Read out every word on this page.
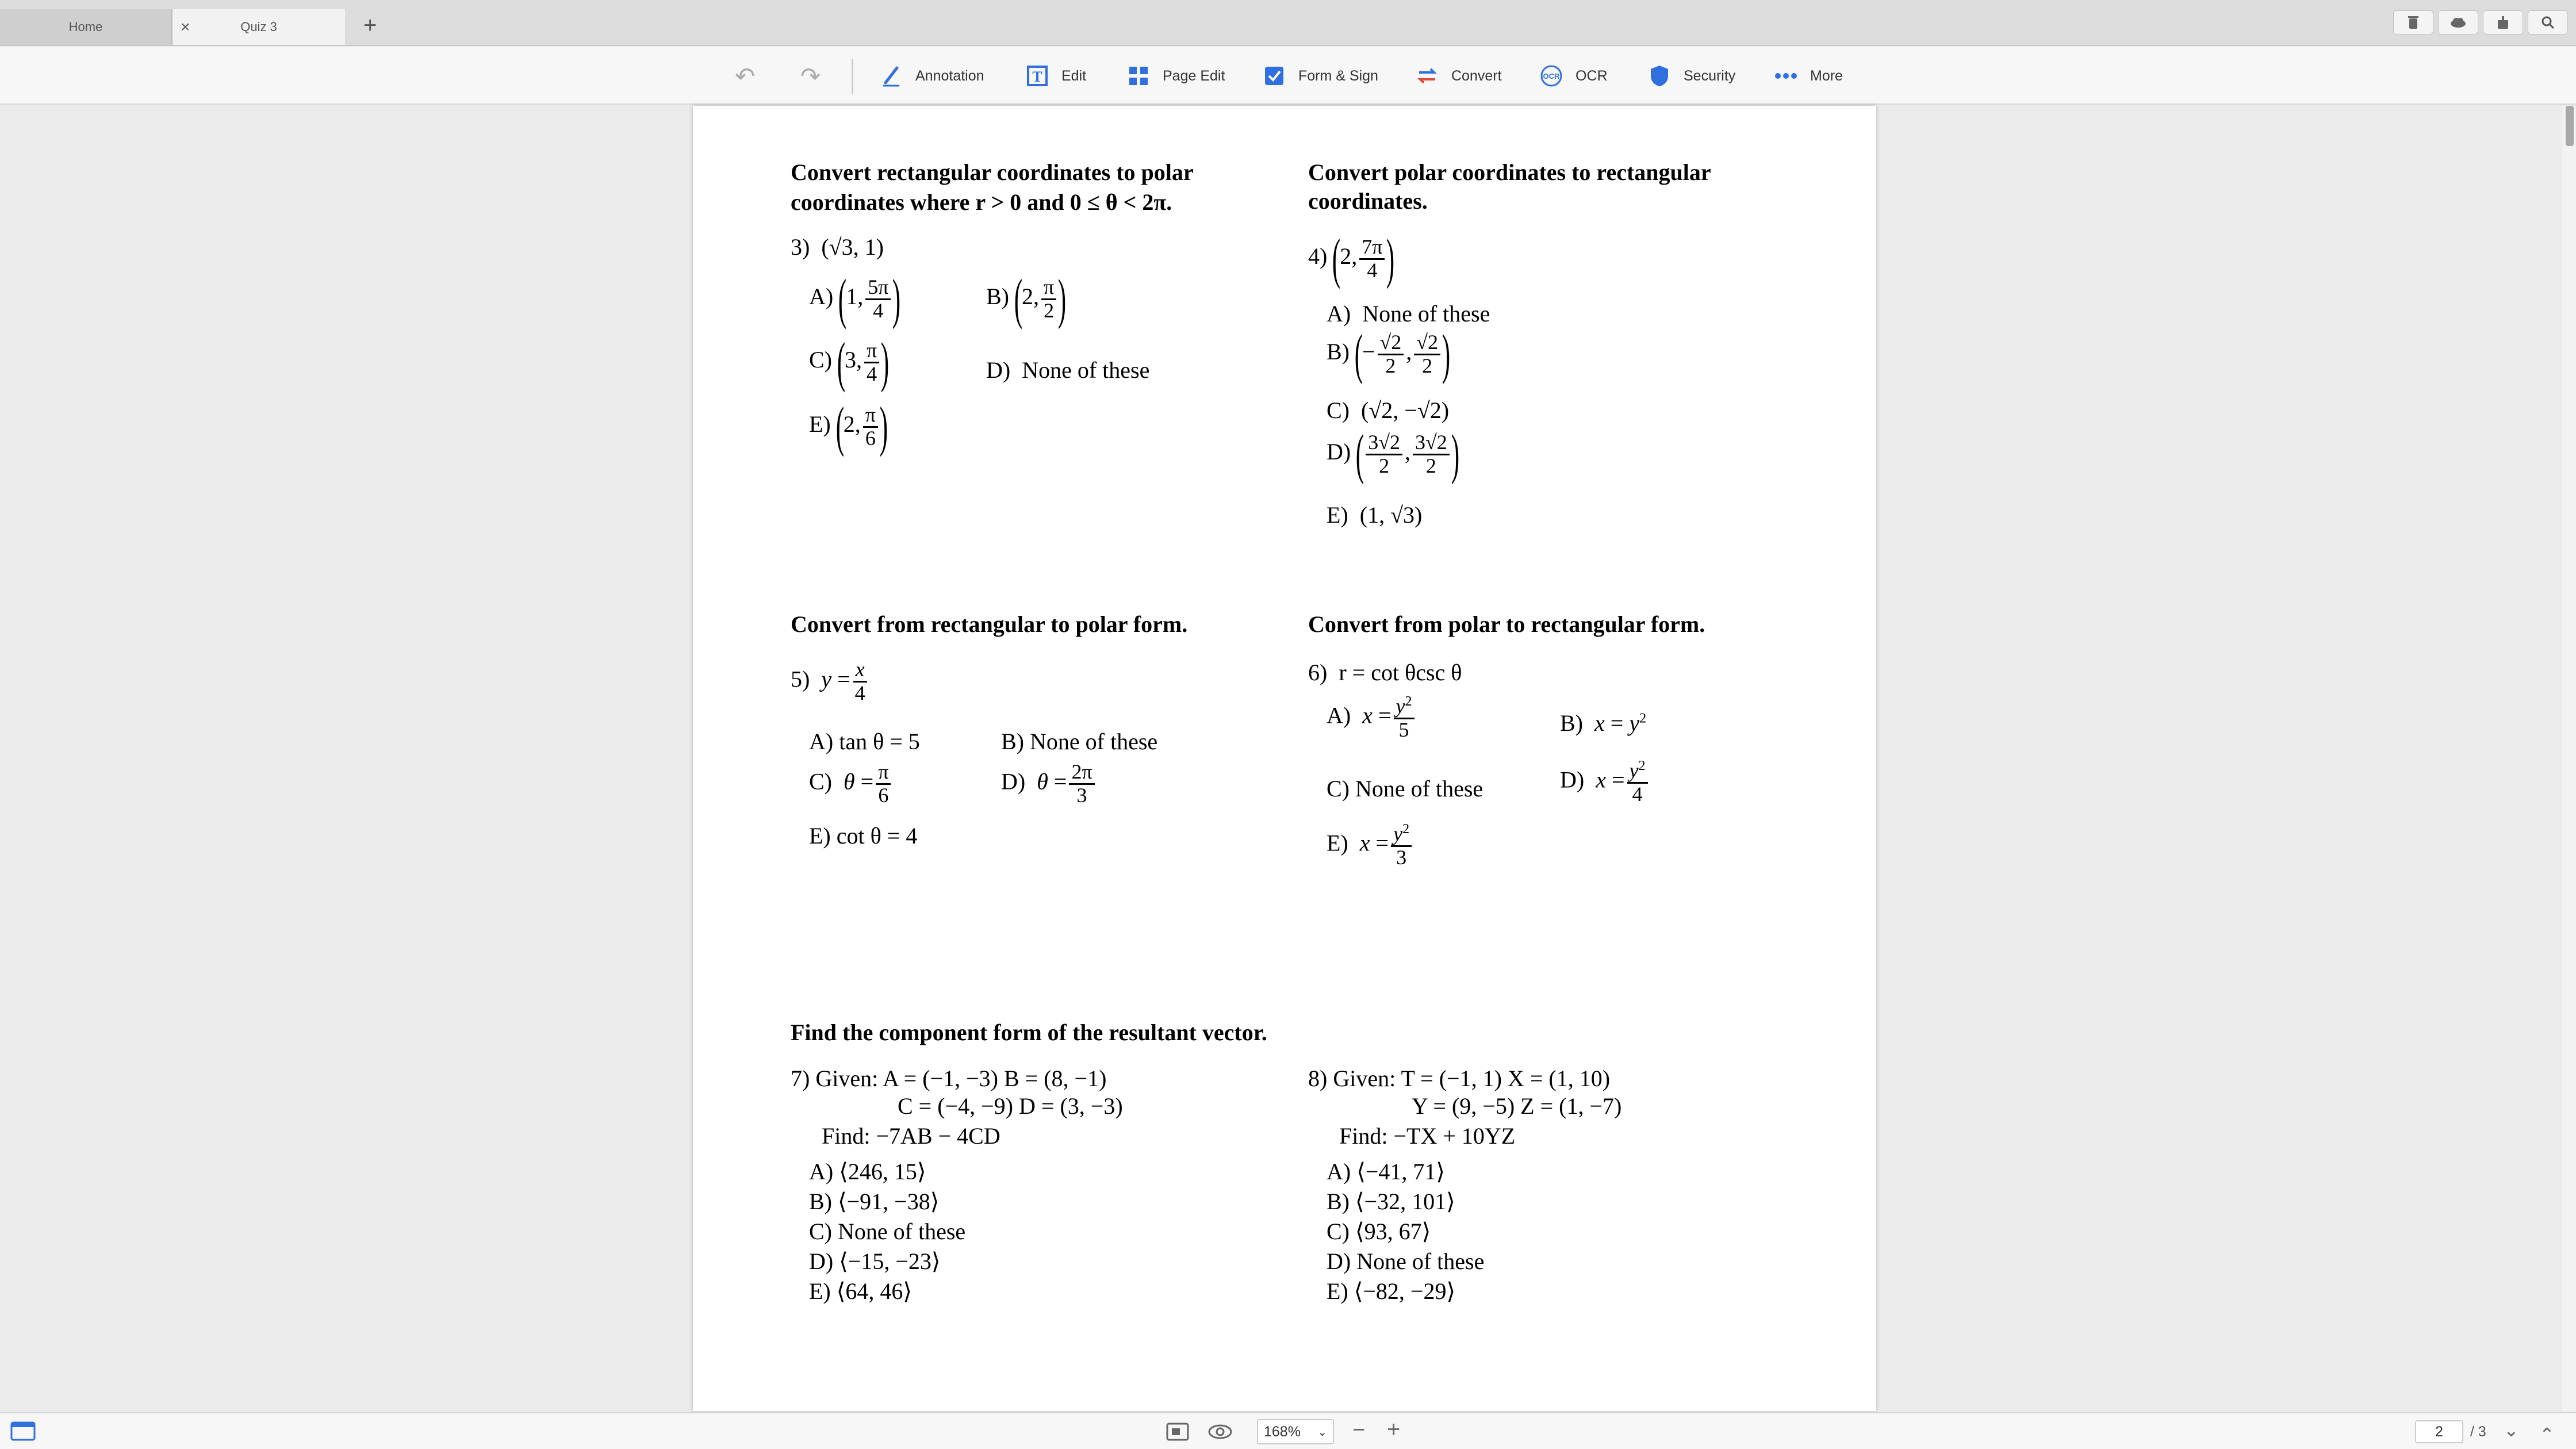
Home	×	Quiz 3	+
↶ ↷	Annotation	T Edit	Page Edit	Form & Sign	Convert	OCR OCR	Security	More
Convert rectangular coordinates to polar
coordinates where r > 0 and 0 ≤ θ < 2π.
3) (√3, 1)
A) (1, $\frac{5\pi}{4}$ )	B) (2, $\frac{\pi}{2}$ )
C) (3, $\frac{\pi}{4}$ )	D) None of these
E) (2, $\frac{\pi}{6}$ )
Convert polar coordinates to rectangular
coordinates.
4) (2, $\frac{7\pi}{4}$ )
A) None of these
B) (− $\frac{√2}{2}$ , $\frac{√2}{2}$ )
C) (√2, −√2)
D) ( $\frac{3√2}{2}$ , $\frac{3√2}{2}$ )
E) (1, √3)
Convert from rectangular to polar form.	Convert from polar to rectangular form.
5) $y = \frac{x}{4}$
A) tan θ = 5	B) None of these
C) $\theta = \frac{\pi}{6}$	D) $\theta = \frac{2\pi}{3}$
E) cot θ = 4
6) r = cot θcsc θ
A) $x = \frac{y^2}{5}$	B) $x = y^2$
C) None of these	D) $x = \frac{y^2}{4}$
E) $x = \frac{y^2}{3}$
Find the component form of the resultant vector.
7) Given: A = (−1, −3) B = (8, −1)
C = (−4, −9) D = (3, −3)
Find: −7AB − 4CD
A) ⟨246, 15⟩
B) ⟨−91, −38⟩
C) None of these
D) ⟨−15, −23⟩
E) ⟨64, 46⟩
8) Given: T = (−1, 1) X = (1, 10)
Y = (9, −5) Z = (1, −7)
Find: −TX + 10YZ
A) ⟨−41, 71⟩
B) ⟨−32, 101⟩
C) ⟨93, 67⟩
D) None of these
E) ⟨−82, −29⟩
168% ⌄ − +	2 / 3 ⌄ ⌃
